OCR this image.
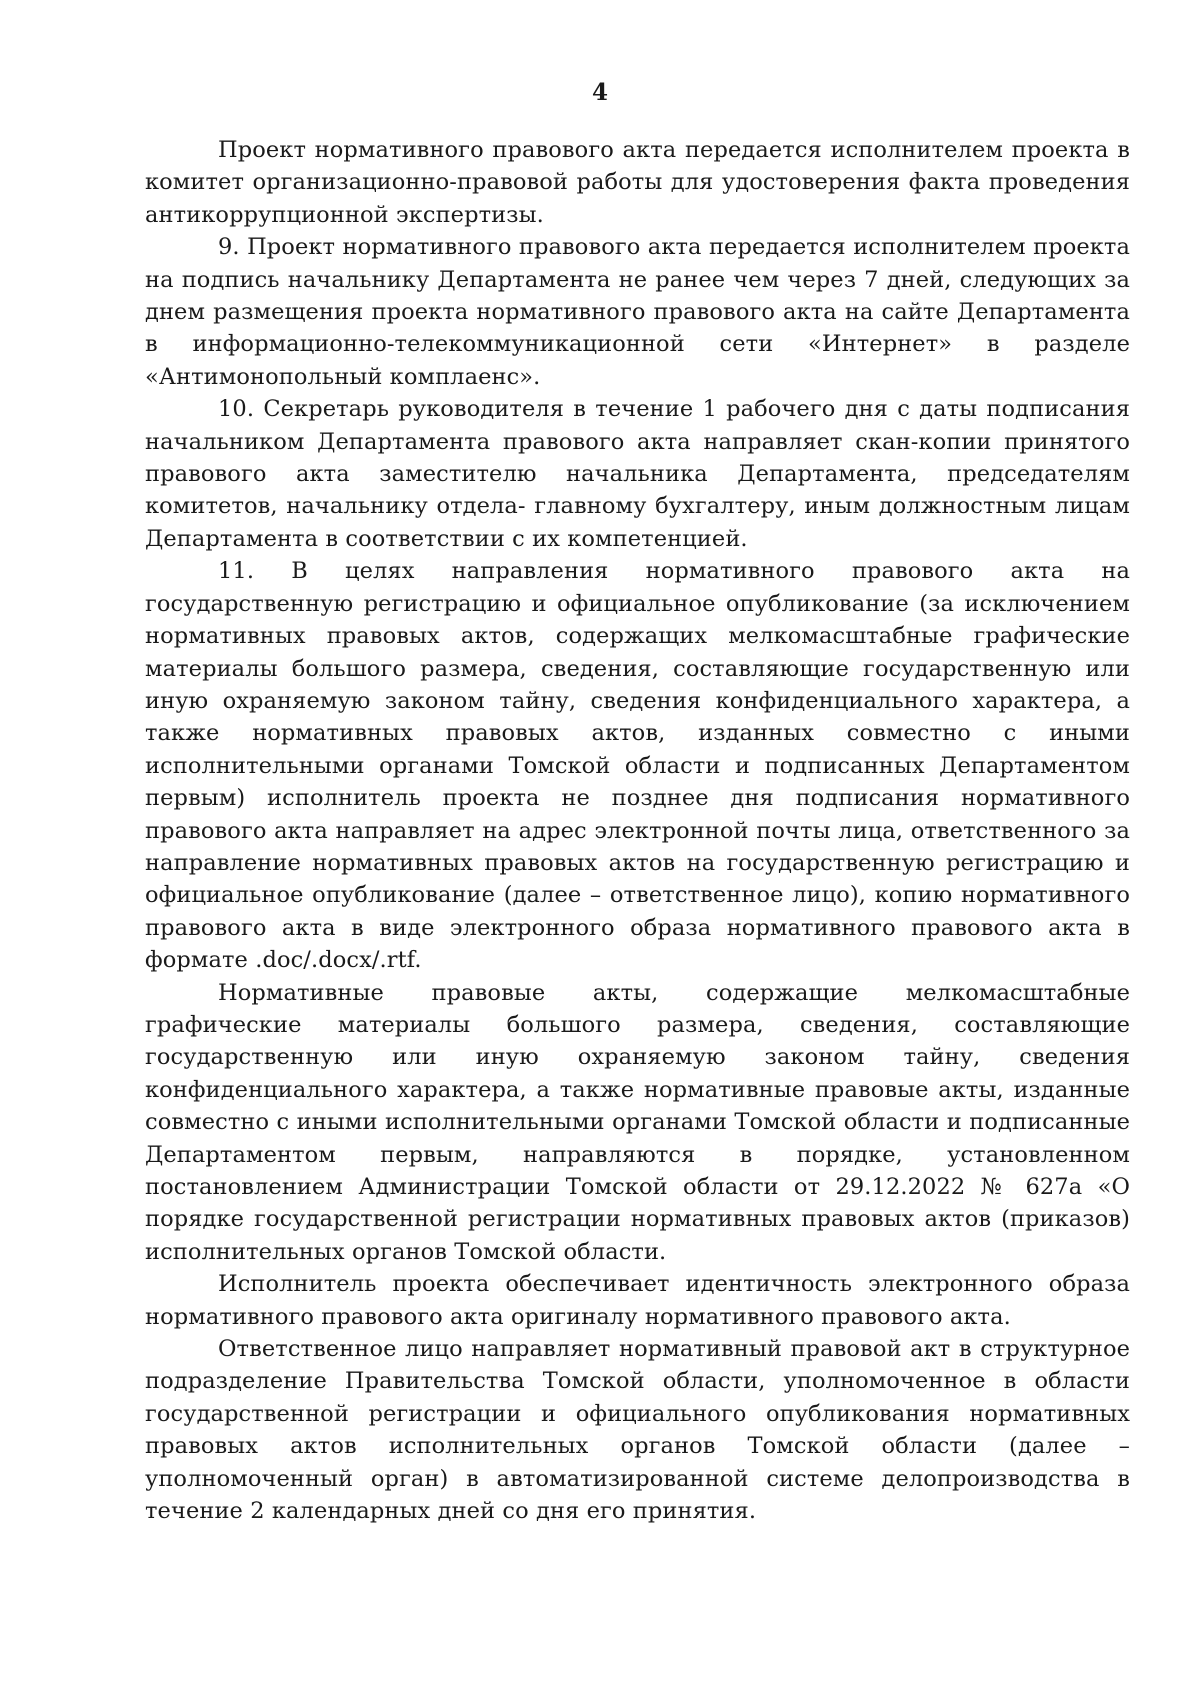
4

Проект нормативного правового акта передается исполнителем проекта в комитет организационно-правовой работы для удостоверения факта проведения антикоррупционной экспертизы.

9. Проект нормативного правового акта передается исполнителем проекта на подпись начальнику Департамента не ранее чем через 7 дней, следующих за днем размещения проекта нормативного правового акта на сайте Департамента в информационно-телекоммуникационной сети «Интернет» в разделе «Антимонопольный комплаенс».

10. Секретарь руководителя в течение 1 рабочего дня с даты подписания начальником Департамента правового акта направляет скан-копии принятого правового акта заместителю начальника Департамента, председателям комитетов, начальнику отдела- главному бухгалтеру, иным должностным лицам Департамента в соответствии с их компетенцией.

11. В целях направления нормативного правового акта на государственную регистрацию и официальное опубликование (за исключением нормативных правовых актов, содержащих мелкомасштабные графические материалы большого размера, сведения, составляющие государственную или иную охраняемую законом тайну, сведения конфиденциального характера, а также нормативных правовых актов, изданных совместно с иными исполнительными органами Томской области и подписанных Департаментом первым) исполнитель проекта не позднее дня подписания нормативного правового акта направляет на адрес электронной почты лица, ответственного за направление нормативных правовых актов на государственную регистрацию и официальное опубликование (далее – ответственное лицо), копию нормативного правового акта в виде электронного образа нормативного правового акта в формате .doc/.docx/.rtf.

Нормативные правовые акты, содержащие мелкомасштабные графические материалы большого размера, сведения, составляющие государственную или иную охраняемую законом тайну, сведения конфиденциального характера, а также нормативные правовые акты, изданные совместно с иными исполнительными органами Томской области и подписанные Департаментом первым, направляются в порядке, установленном постановлением Администрации Томской области от 29.12.2022 № 627а «О порядке государственной регистрации нормативных правовых актов (приказов) исполнительных органов Томской области.

Исполнитель проекта обеспечивает идентичность электронного образа нормативного правового акта оригиналу нормативного правового акта.

Ответственное лицо направляет нормативный правовой акт в структурное подразделение Правительства Томской области, уполномоченное в области государственной регистрации и официального опубликования нормативных правовых актов исполнительных органов Томской области (далее – уполномоченный орган) в автоматизированной системе делопроизводства в течение 2 календарных дней со дня его принятия.
